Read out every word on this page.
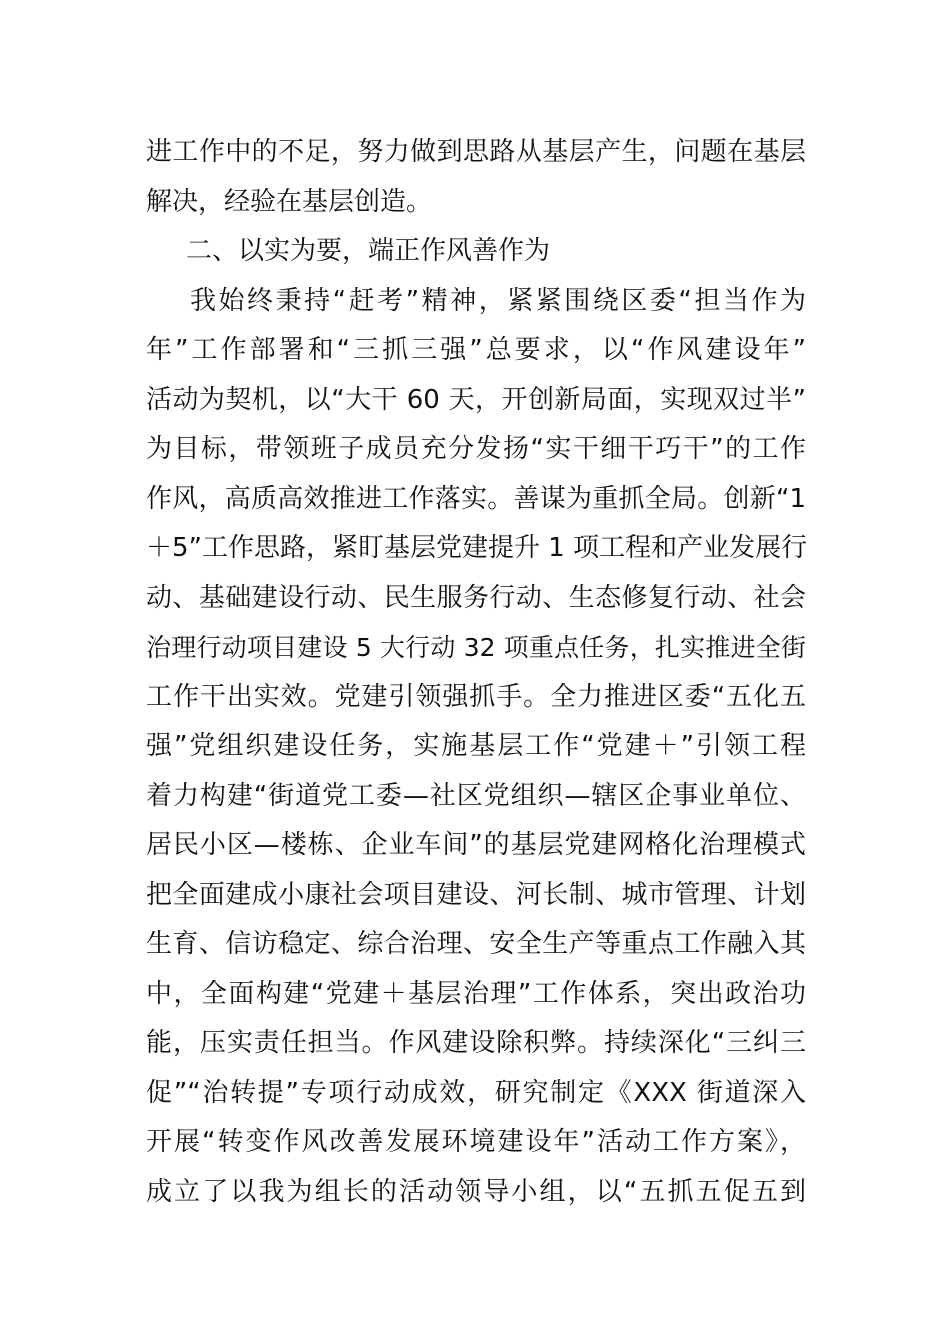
进工作中的不足，努力做到思路从基层产生，问题在基层
解决，经验在基层创造。
二、以实为要，端正作风善作为
我始终秉持“赶考”精神，紧紧围绕区委“担当作为
年”工作部署和“三抓三强”总要求，以“作风建设年”
活动为契机，以“大干 60 天，开创新局面，实现双过半”
为目标，带领班子成员充分发扬“实干细干巧干”的工作
作风，高质高效推进工作落实。善谋为重抓全局。创新“1
＋5”工作思路，紧盯基层党建提升 1 项工程和产业发展行
动、基础建设行动、民生服务行动、生态修复行动、社会
治理行动项目建设 5 大行动 32 项重点任务，扎实推进全街
工作干出实效。党建引领强抓手。全力推进区委“五化五
强”党组织建设任务，实施基层工作“党建＋”引领工程
着力构建“街道党工委—社区党组织—辖区企事业单位、
居民小区—楼栋、企业车间”的基层党建网格化治理模式
把全面建成小康社会项目建设、河长制、城市管理、计划
生育、信访稳定、综合治理、安全生产等重点工作融入其
中，全面构建“党建＋基层治理”工作体系，突出政治功
能，压实责任担当。作风建设除积弊。持续深化“三纠三
促”“治转提”专项行动成效，研究制定《XXX 街道深入
开展“转变作风改善发展环境建设年”活动工作方案》，
成立了以我为组长的活动领导小组，以“五抓五促五到
